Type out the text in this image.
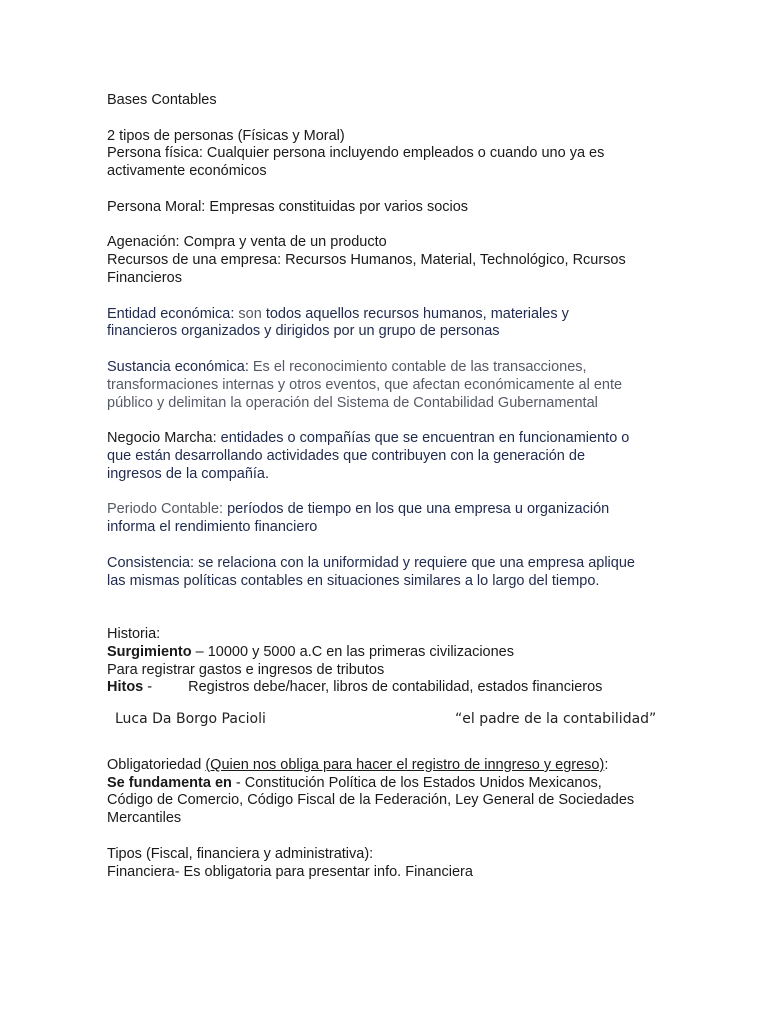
Bases Contables
2 tipos de personas (Físicas y Moral)
Persona física: Cualquier persona incluyendo empleados o cuando uno ya es
activamente económicos
Persona Moral: Empresas constituidas por varios socios
Agenación: Compra y venta de un producto
Recursos de una empresa: Recursos Humanos, Material, Technológico, Rcursos
Financieros
Entidad económica: son todos aquellos recursos humanos, materiales y
financieros organizados y dirigidos por un grupo de personas
Sustancia económica: Es el reconocimiento contable de las transacciones,
transformaciones internas y otros eventos, que afectan económicamente al ente
público y delimitan la operación del Sistema de Contabilidad Gubernamental
Negocio Marcha: entidades o compañías que se encuentran en funcionamiento o
que están desarrollando actividades que contribuyen con la generación de
ingresos de la compañía.
Periodo Contable: períodos de tiempo en los que una empresa u organización
informa el rendimiento financiero
Consistencia: se relaciona con la uniformidad y requiere que una empresa aplique
las mismas políticas contables en situaciones similares a lo largo del tiempo.
Historia:
Surgimiento – 10000 y 5000 a.C en las primeras civilizaciones
Para registrar gastos e ingresos de tributos
Hitos - Registros debe/hacer, libros de contabilidad, estados financieros
Luca Da Borgo Pacioli	“el padre de la contabilidad”
Obligatoriedad (Quien nos obliga para hacer el registro de inngreso y egreso):
Se fundamenta en - Constitución Política de los Estados Unidos Mexicanos,
Código de Comercio, Código Fiscal de la Federación, Ley General de Sociedades
Mercantiles
Tipos (Fiscal, financiera y administrativa):
Financiera- Es obligatoria para presentar info. Financiera
